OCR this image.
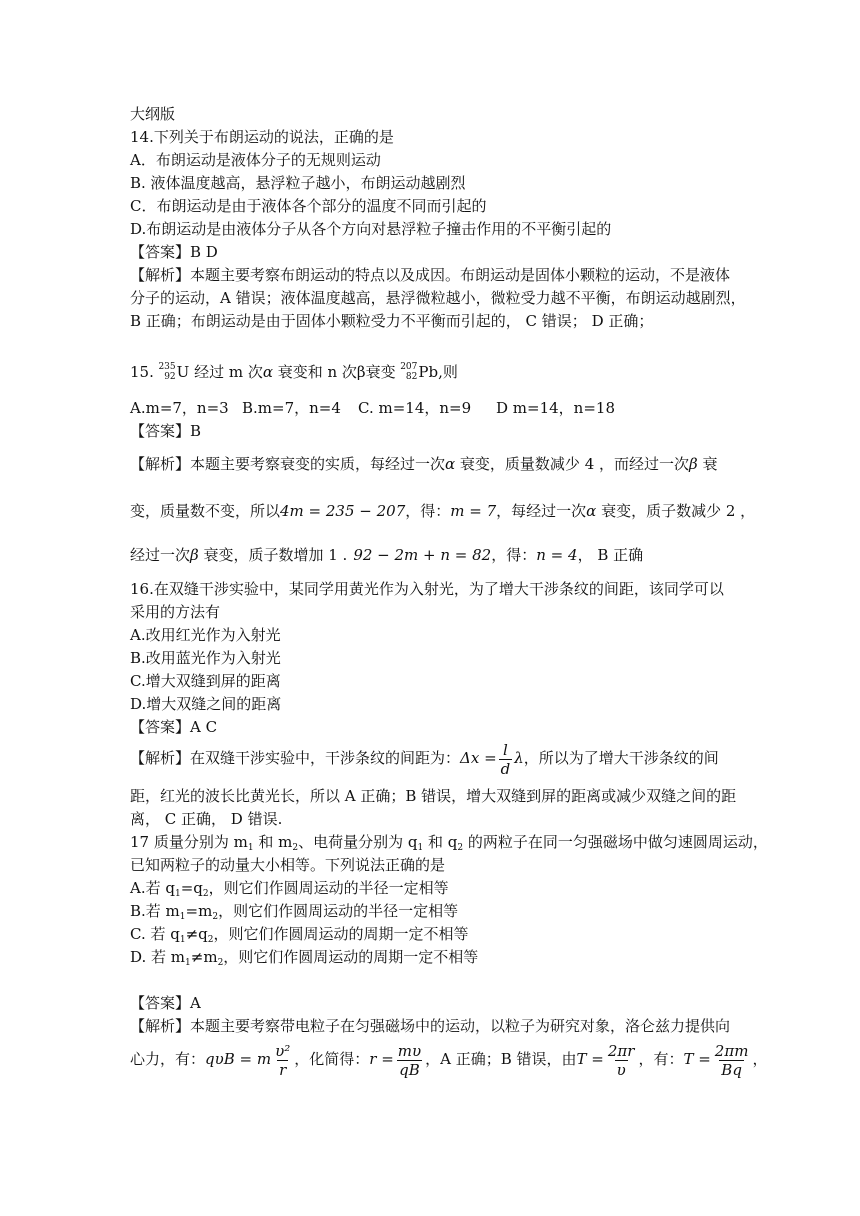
大纲版
14.下列关于布朗运动的说法，正确的是
A．布朗运动是液体分子的无规则运动
B. 液体温度越高，悬浮粒子越小，布朗运动越剧烈
C．布朗运动是由于液体各个部分的温度不同而引起的
D.布朗运动是由液体分子从各个方向对悬浮粒子撞击作用的不平衡引起的
【答案】B D
【解析】本题主要考察布朗运动的特点以及成因。布朗运动是固体小颗粒的运动，不是液体
分子的运动，A 错误；液体温度越高，悬浮微粒越小，微粒受力越不平衡，布朗运动越剧烈，
B 正确；布朗运动是由于固体小颗粒受力不平衡而引起的， C 错误； D 正确；
15. 235
92 U 经过 m 次α 衰变和 n 次β衰变 207
82 Pb,则
A.m=7，n=3 B.m=7，n=4 C. m=14，n=9 D m=14，n=18
【答案】B
【解析】本题主要考察衰变的实质，每经过一次α 衰变，质量数减少 4 ，而经过一次β 衰
变，质量数不变，所以4m = 235 − 207，得：m = 7，每经过一次α 衰变，质子数减少 2 ，
经过一次β 衰变，质子数增加 1 . 92 − 2m + n = 82，得：n = 4， B 正确
16.在双缝干涉实验中，某同学用黄光作为入射光，为了增大干涉条纹的间距，该同学可以
采用的方法有
A.改用红光作为入射光
B.改用蓝光作为入射光
C.增大双缝到屏的距离
D.增大双缝之间的距离
【答案】A C
【解析】在双缝干涉实验中，干涉条纹的间距为：$\Delta x = \frac{l}{d}$ λ，所以为了增大干涉条纹的间
距，红光的波长比黄光长，所以 A 正确；B 错误，增大双缝到屏的距离或减少双缝之间的距
离， C 正确， D 错误.
17 质量分别为 $m_1$ 和 $m_2$、电荷量分别为 $q_1$ 和 $q_2$ 的两粒子在同一匀强磁场中做匀速圆周运动，
已知两粒子的动量大小相等。下列说法正确的是
A.若 $q_1=q_2$，则它们作圆周运动的半径一定相等
B.若 $m_1=m_2$，则它们作圆周运动的半径一定相等
C. 若 $q_1\ne q_2$，则它们作圆周运动的周期一定不相等
D. 若 $m_1\ne m_2$，则它们作圆周运动的周期一定不相等
【答案】A
【解析】本题主要考察带电粒子在匀强磁场中的运动，以粒子为研究对象，洛仑兹力提供向
心力，有：qυB = m $\frac{\text{υ²}}{r}$ ，化简得：$r = \frac{m\upsilon}{qB}$ ，A 正确；B 错误，由$T = \frac{2\pi r}{\upsilon}$ ，有：$T = \frac{2\pi m}{Bq}$ ，
